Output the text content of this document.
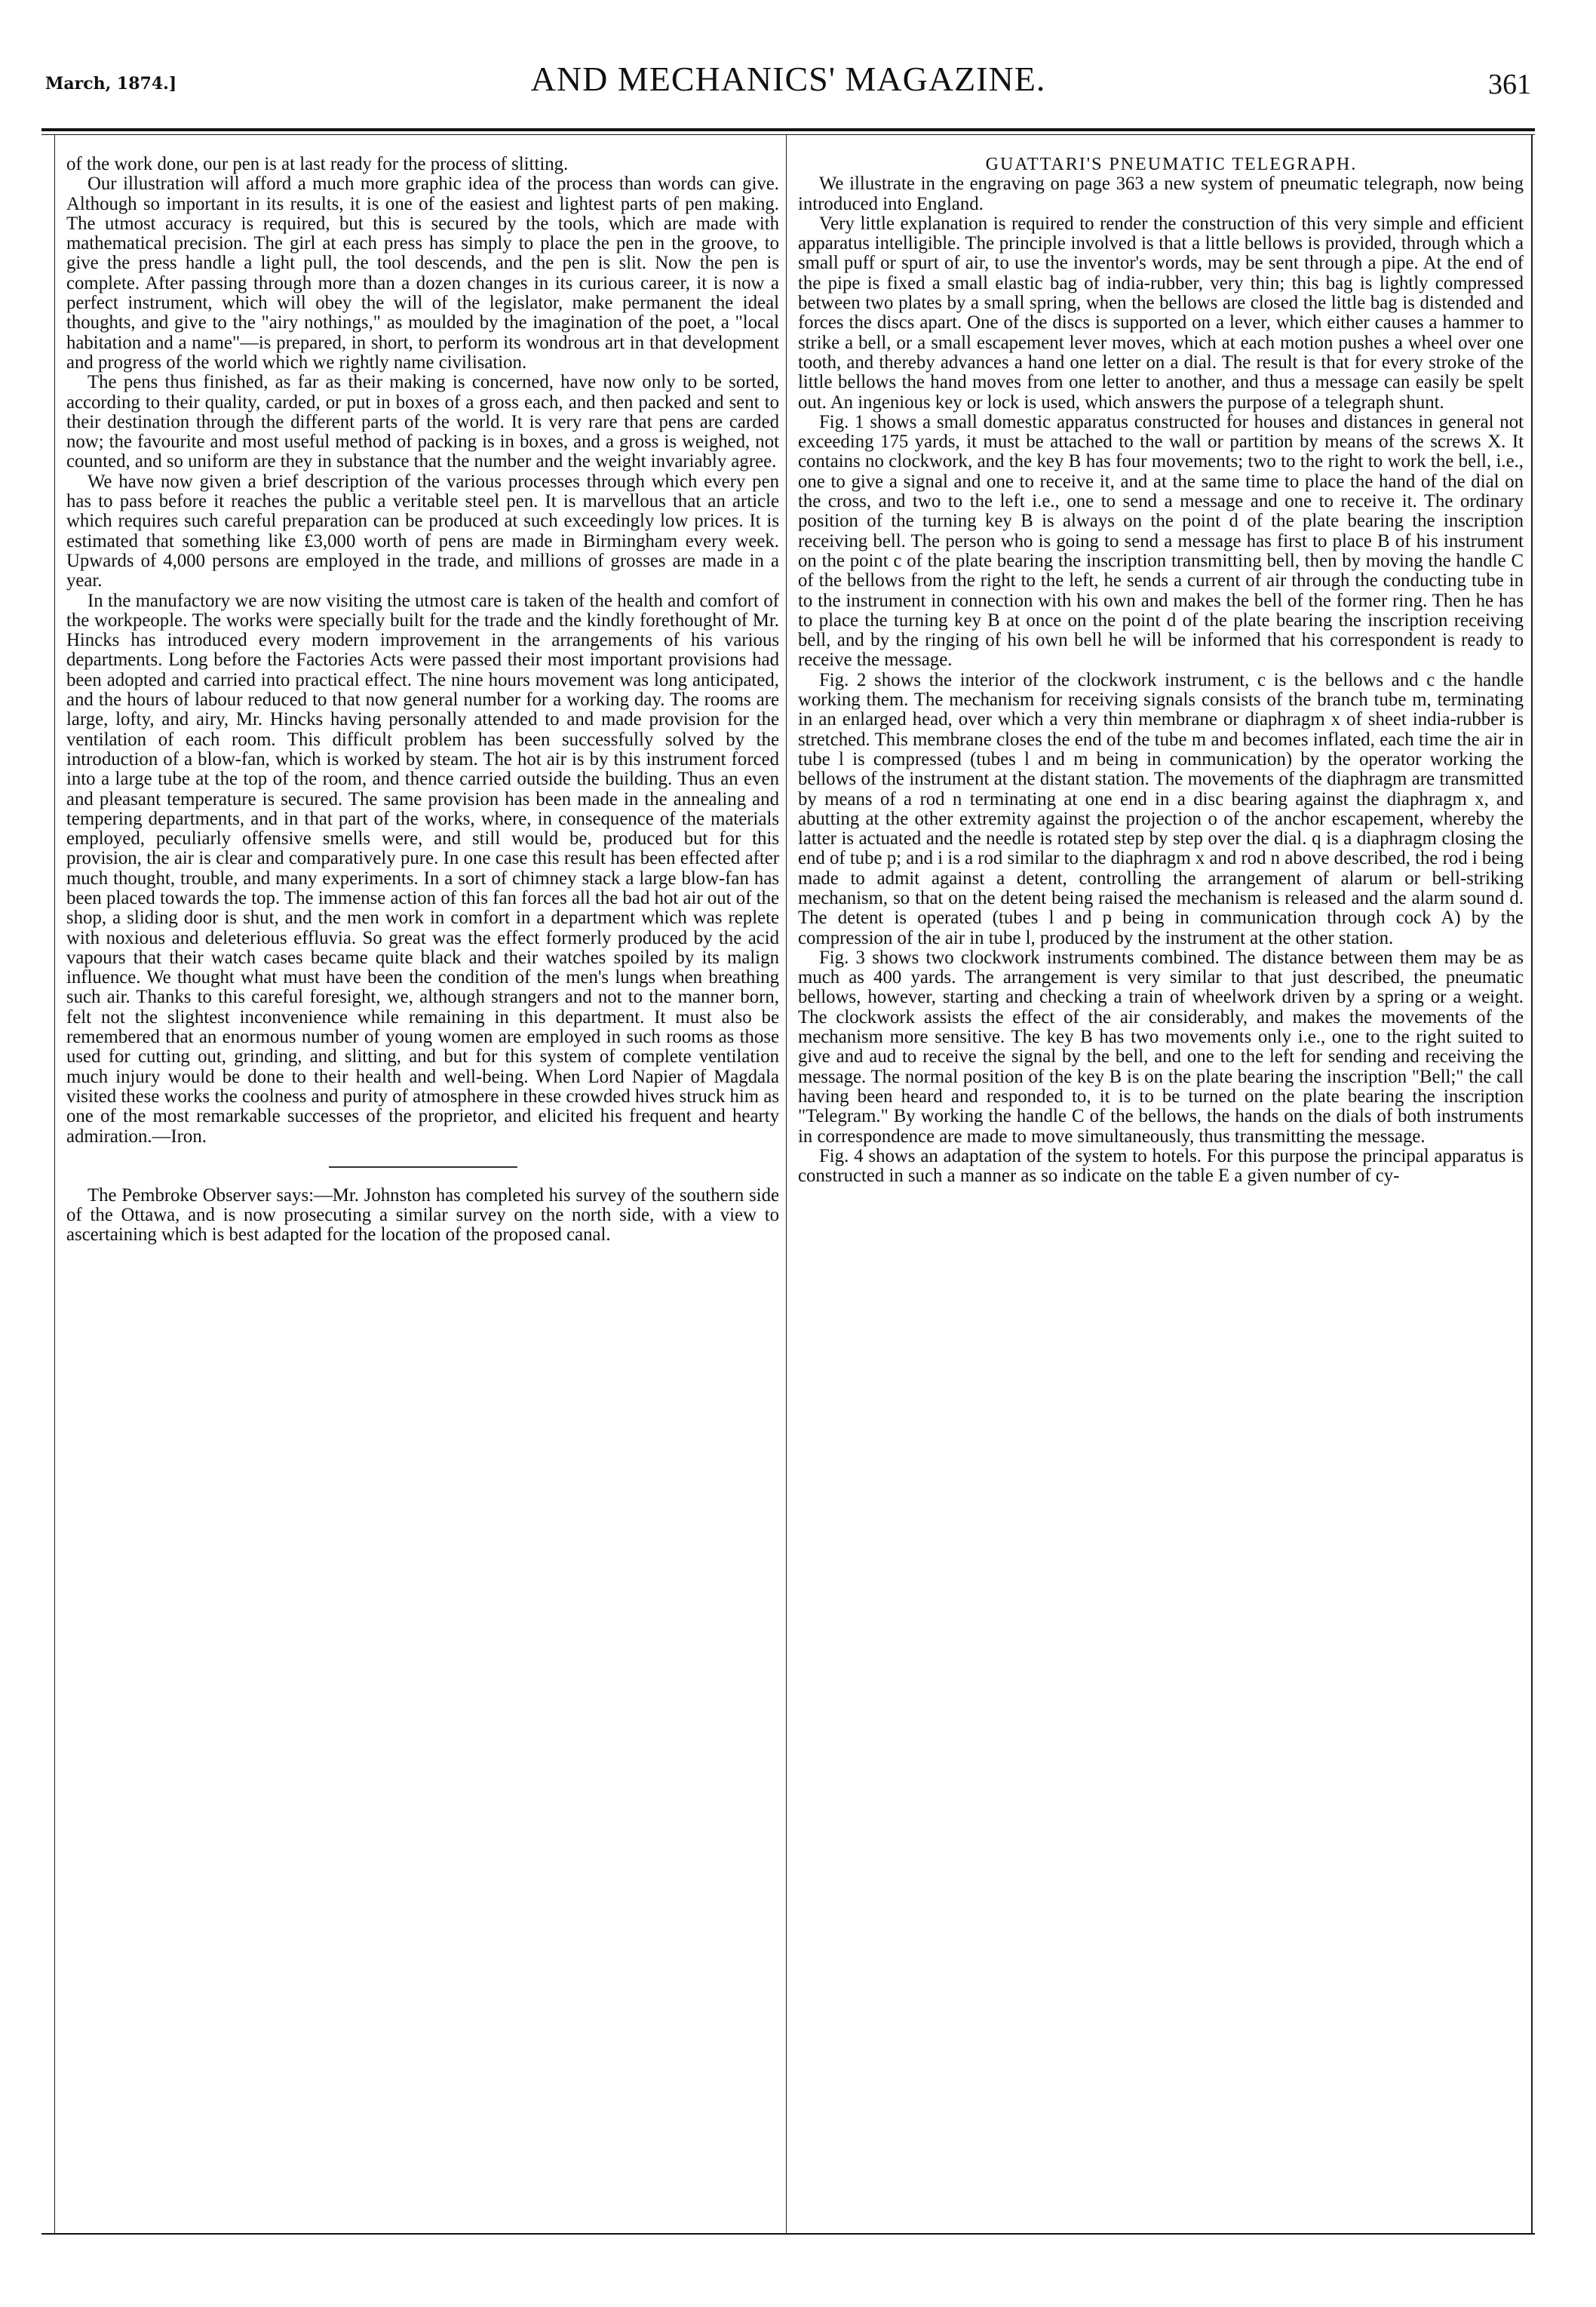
March, 1874.]	AND MECHANICS' MAGAZINE.	361

of the work done, our pen is at last ready for the process of slitting.

Our illustration will afford a much more graphic idea of the process than words can give. Although so important in its results, it is one of the easiest and lightest parts of pen making. The utmost accuracy is required, but this is secured by the tools, which are made with mathematical precision. The girl at each press has simply to place the pen in the groove, to give the press handle a light pull, the tool descends, and the pen is slit. Now the pen is complete. After passing through more than a dozen changes in its curious career, it is now a perfect instrument, which will obey the will of the legislator, make permanent the ideal thoughts, and give to the "airy nothings," as moulded by the imagination of the poet, a "local habitation and a name"—is prepared, in short, to perform its wondrous art in that development and progress of the world which we rightly name civilisation.

The pens thus finished, as far as their making is concerned, have now only to be sorted, according to their quality, carded, or put in boxes of a gross each, and then packed and sent to their destination through the different parts of the world. It is very rare that pens are carded now; the favourite and most useful method of packing is in boxes, and a gross is weighed, not counted, and so uniform are they in substance that the number and the weight invariably agree.

We have now given a brief description of the various processes through which every pen has to pass before it reaches the public a veritable steel pen. It is marvellous that an article which requires such careful preparation can be produced at such exceedingly low prices. It is estimated that something like £3,000 worth of pens are made in Birmingham every week. Upwards of 4,000 persons are employed in the trade, and millions of grosses are made in a year.

In the manufactory we are now visiting the utmost care is taken of the health and comfort of the workpeople. The works were specially built for the trade and the kindly forethought of Mr. Hincks has introduced every modern improvement in the arrangements of his various departments. Long before the Factories Acts were passed their most important provisions had been adopted and carried into practical effect. The nine hours movement was long anticipated, and the hours of labour reduced to that now general number for a working day. The rooms are large, lofty, and airy, Mr. Hincks having personally attended to and made provision for the ventilation of each room. This difficult problem has been successfully solved by the introduction of a blow-fan, which is worked by steam. The hot air is by this instrument forced into a large tube at the top of the room, and thence carried outside the building. Thus an even and pleasant temperature is secured. The same provision has been made in the annealing and tempering departments, and in that part of the works, where, in consequence of the materials employed, peculiarly offensive smells were, and still would be, produced but for this provision, the air is clear and comparatively pure. In one case this result has been effected after much thought, trouble, and many experiments. In a sort of chimney stack a large blow-fan has been placed towards the top. The immense action of this fan forces all the bad hot air out of the shop, a sliding door is shut, and the men work in comfort in a department which was replete with noxious and deleterious effluvia. So great was the effect formerly produced by the acid vapours that their watch cases became quite black and their watches spoiled by its malign influence. We thought what must have been the condition of the men's lungs when breathing such air. Thanks to this careful foresight, we, although strangers and not to the manner born, felt not the slightest inconvenience while remaining in this department. It must also be remembered that an enormous number of young women are employed in such rooms as those used for cutting out, grinding, and slitting, and but for this system of complete ventilation much injury would be done to their health and well-being. When Lord Napier of Magdala visited these works the coolness and purity of atmosphere in these crowded hives struck him as one of the most remarkable successes of the proprietor, and elicited his frequent and hearty admiration.—Iron.

The Pembroke Observer says:—Mr. Johnston has completed his survey of the southern side of the Ottawa, and is now prosecuting a similar survey on the north side, with a view to ascertaining which is best adapted for the location of the proposed canal.

GUATTARI'S PNEUMATIC TELEGRAPH.

We illustrate in the engraving on page 363 a new system of pneumatic telegraph, now being introduced into England.

Very little explanation is required to render the construction of this very simple and efficient apparatus intelligible. The principle involved is that a little bellows is provided, through which a small puff or spurt of air, to use the inventor's words, may be sent through a pipe. At the end of the pipe is fixed a small elastic bag of india-rubber, very thin; this bag is lightly compressed between two plates by a small spring, when the bellows are closed the little bag is distended and forces the discs apart. One of the discs is supported on a lever, which either causes a hammer to strike a bell, or a small escapement lever moves, which at each motion pushes a wheel over one tooth, and thereby advances a hand one letter on a dial. The result is that for every stroke of the little bellows the hand moves from one letter to another, and thus a message can easily be spelt out. An ingenious key or lock is used, which answers the purpose of a telegraph shunt.

Fig. 1 shows a small domestic apparatus constructed for houses and distances in general not exceeding 175 yards, it must be attached to the wall or partition by means of the screws X. It contains no clockwork, and the key B has four movements; two to the right to work the bell, i.e., one to give a signal and one to receive it, and at the same time to place the hand of the dial on the cross, and two to the left i.e., one to send a message and one to receive it. The ordinary position of the turning key B is always on the point d of the plate bearing the inscription receiving bell. The person who is going to send a message has first to place B of his instrument on the point c of the plate bearing the inscription transmitting bell, then by moving the handle C of the bellows from the right to the left, he sends a current of air through the conducting tube in to the instrument in connection with his own and makes the bell of the former ring. Then he has to place the turning key B at once on the point d of the plate bearing the inscription receiving bell, and by the ringing of his own bell he will be informed that his correspondent is ready to receive the message.

Fig. 2 shows the interior of the clockwork instrument, c is the bellows and c the handle working them. The mechanism for receiving signals consists of the branch tube m, terminating in an enlarged head, over which a very thin membrane or diaphragm x of sheet india-rubber is stretched. This membrane closes the end of the tube m and becomes inflated, each time the air in tube l is compressed (tubes l and m being in communication) by the operator working the bellows of the instrument at the distant station. The movements of the diaphragm are transmitted by means of a rod n terminating at one end in a disc bearing against the diaphragm x, and abutting at the other extremity against the projection o of the anchor escapement, whereby the latter is actuated and the needle is rotated step by step over the dial. q is a diaphragm closing the end of tube p; and i is a rod similar to the diaphragm x and rod n above described, the rod i being made to admit against a detent, controlling the arrangement of alarum or bell-striking mechanism, so that on the detent being raised the mechanism is released and the alarm sound d. The detent is operated (tubes l and p being in communication through cock A) by the compression of the air in tube l, produced by the instrument at the other station.

Fig. 3 shows two clockwork instruments combined. The distance between them may be as much as 400 yards. The arrangement is very similar to that just described, the pneumatic bellows, however, starting and checking a train of wheelwork driven by a spring or a weight. The clockwork assists the effect of the air considerably, and makes the movements of the mechanism more sensitive. The key B has two movements only i.e., one to the right suited to give and aud to receive the signal by the bell, and one to the left for sending and receiving the message. The normal position of the key B is on the plate bearing the inscription "Bell;" the call having been heard and responded to, it is to be turned on the plate bearing the inscription "Telegram." By working the handle C of the bellows, the hands on the dials of both instruments in correspondence are made to move simultaneously, thus transmitting the message.

Fig. 4 shows an adaptation of the system to hotels. For this purpose the principal apparatus is constructed in such a manner as so indicate on the table E a given number of cy-
